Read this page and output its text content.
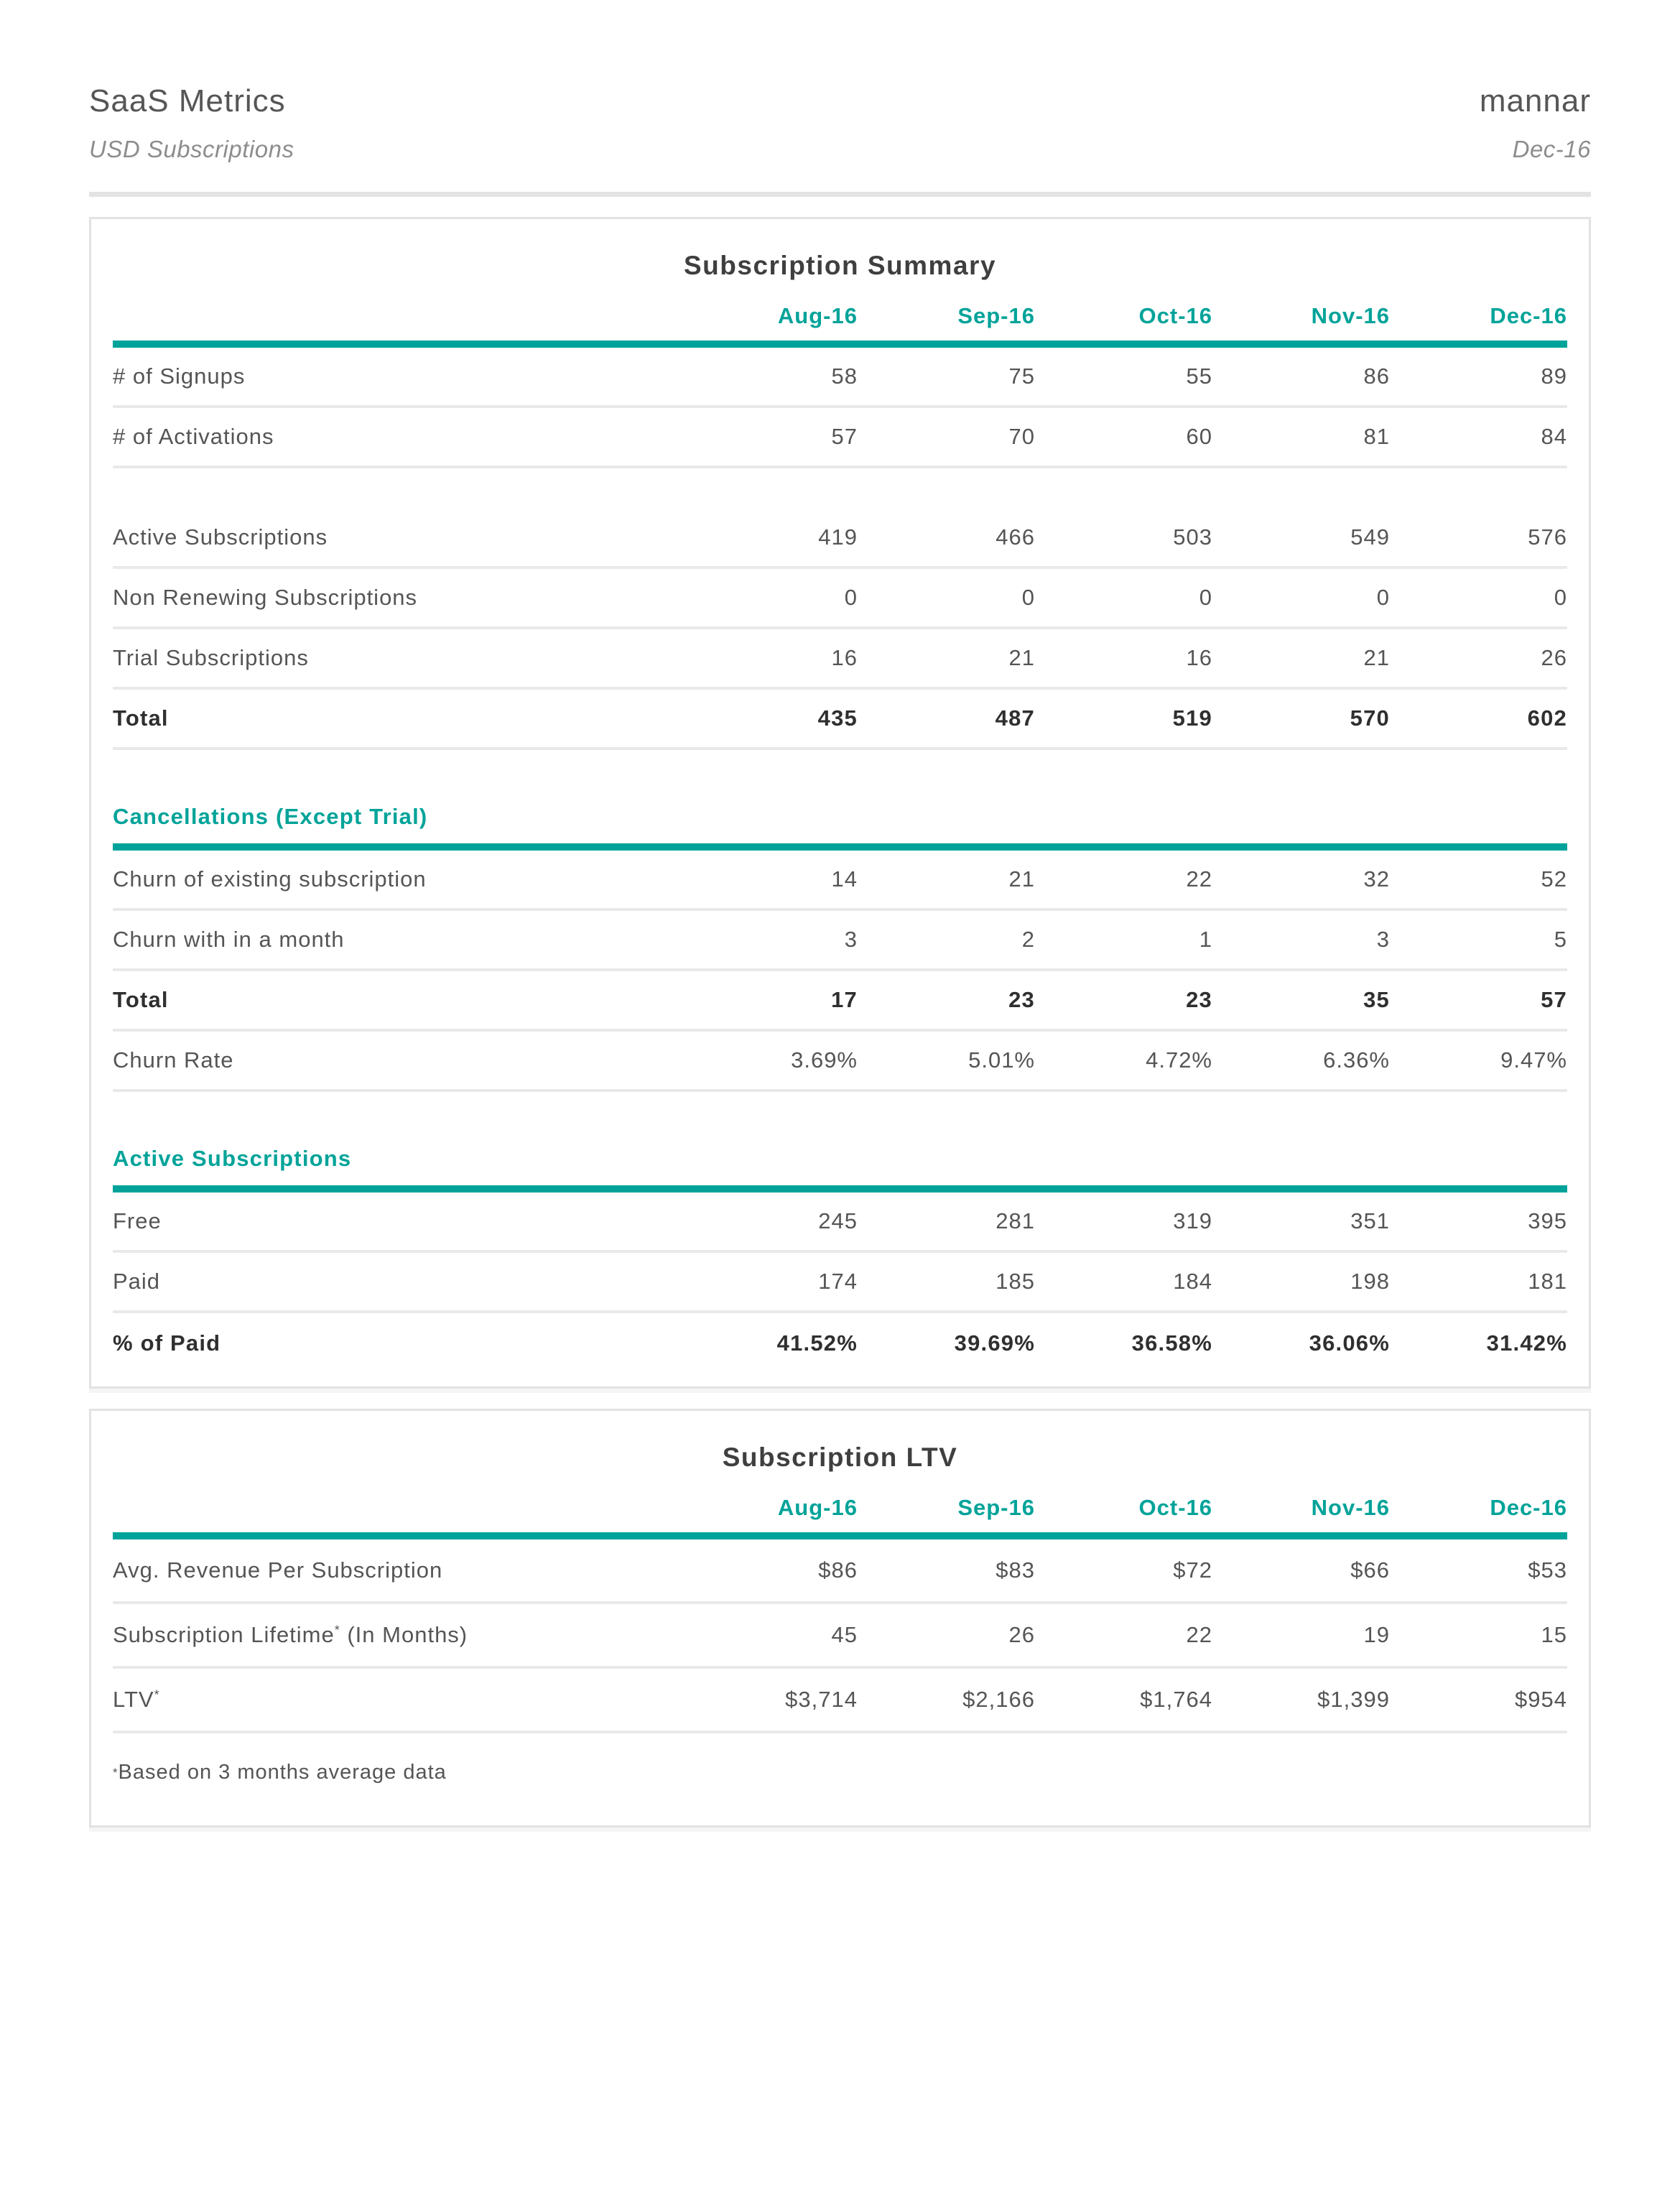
SaaS Metrics
USD Subscriptions
mannar
Dec-16
Subscription Summary
Aug-16	Sep-16	Oct-16	Nov-16	Dec-16
# of Signups	58	75	55	86	89
# of Activations	57	70	60	81	84
Active Subscriptions	419	466	503	549	576
Non Renewing Subscriptions	0	0	0	0	0
Trial Subscriptions	16	21	16	21	26
Total	435	487	519	570	602
Cancellations (Except Trial)
Churn of existing subscription	14	21	22	32	52
Churn with in a month	3	2	1	3	5
Total	17	23	23	35	57
Churn Rate	3.69%	5.01%	4.72%	6.36%	9.47%
Active Subscriptions
Free	245	281	319	351	395
Paid	174	185	184	198	181
% of Paid	41.52%	39.69%	36.58%	36.06%	31.42%
Subscription LTV
Aug-16	Sep-16	Oct-16	Nov-16	Dec-16
Avg. Revenue Per Subscription	$86	$83	$72	$66	$53
Subscription Lifetime* (In Months)	45	26	22	19	15
LTV*	$3,714	$2,166	$1,764	$1,399	$954
* Based on 3 months average data
